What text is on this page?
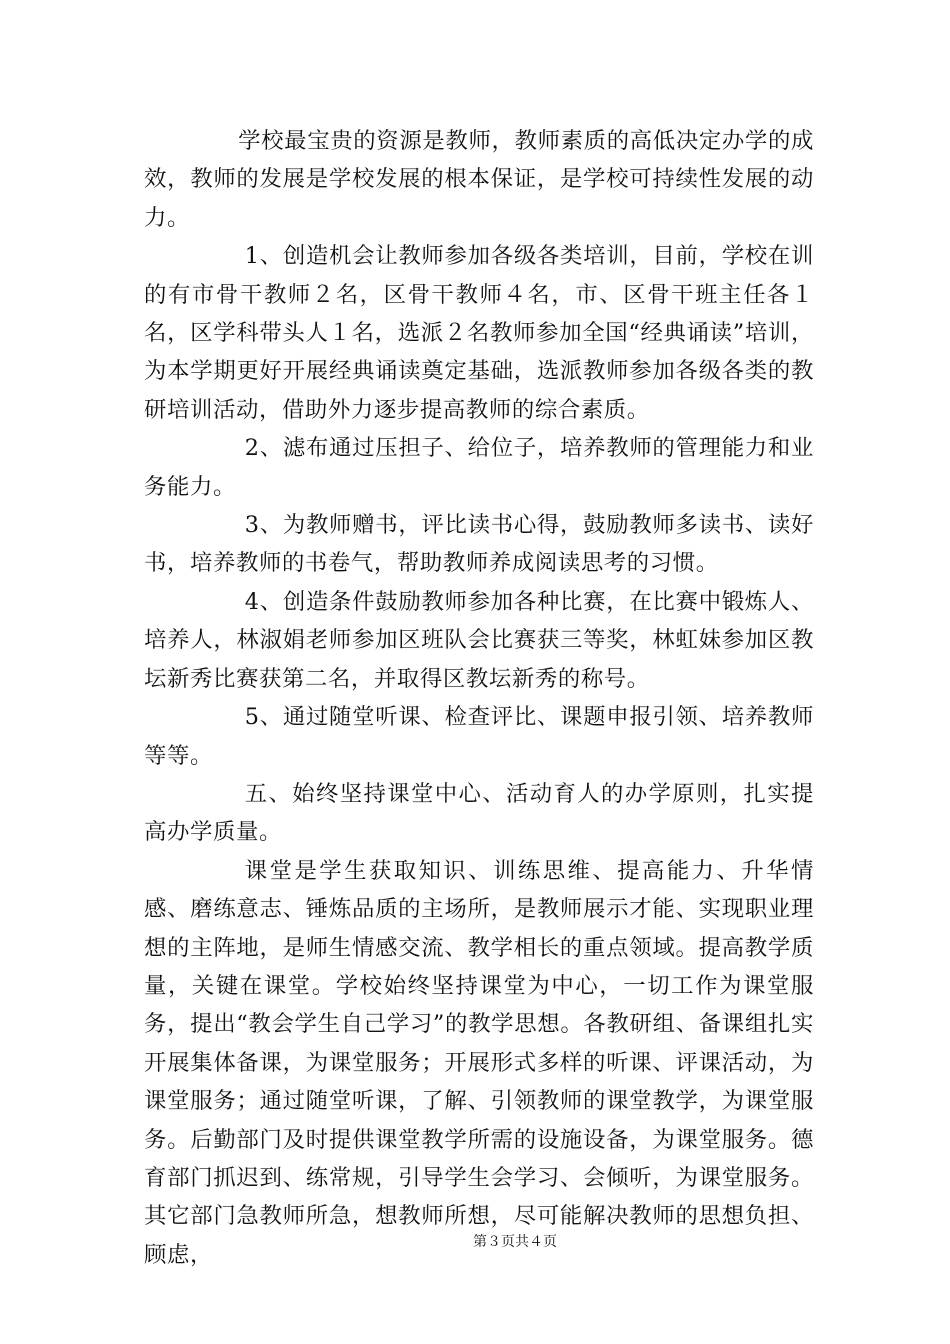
学校最宝贵的资源是教师，教师素质的高低决定办学的成效，教师的发展是学校发展的根本保证，是学校可持续性发展的动力。

1、创造机会让教师参加各级各类培训，目前，学校在训的有市骨干教师２名，区骨干教师４名，市、区骨干班主任各１名，区学科带头人１名，选派２名教师参加全国“经典诵读”培训，为本学期更好开展经典诵读奠定基础，选派教师参加各级各类的教研培训活动，借助外力逐步提高教师的综合素质。

2、滤布通过压担子、给位子，培养教师的管理能力和业务能力。

3、为教师赠书，评比读书心得，鼓励教师多读书、读好书，培养教师的书卷气，帮助教师养成阅读思考的习惯。

4、创造条件鼓励教师参加各种比赛，在比赛中锻炼人、培养人，林淑娟老师参加区班队会比赛获三等奖，林虹妹参加区教坛新秀比赛获第二名，并取得区教坛新秀的称号。

5、通过随堂听课、检查评比、课题申报引领、培养教师等等。

五、始终坚持课堂中心、活动育人的办学原则，扎实提高办学质量。

课堂是学生获取知识、训练思维、提高能力、升华情感、磨练意志、锤炼品质的主场所，是教师展示才能、实现职业理想的主阵地，是师生情感交流、教学相长的重点领域。提高教学质量，关键在课堂。学校始终坚持课堂为中心，一切工作为课堂服务，提出“教会学生自己学习”的教学思想。各教研组、备课组扎实开展集体备课，为课堂服务；开展形式多样的听课、评课活动，为课堂服务；通过随堂听课，了解、引领教师的课堂教学，为课堂服务。后勤部门及时提供课堂教学所需的设施设备，为课堂服务。德育部门抓迟到、练常规，引导学生会学习、会倾听，为课堂服务。其它部门急教师所急，想教师所想，尽可能解决教师的思想负担、顾虑，	第３页共４页
